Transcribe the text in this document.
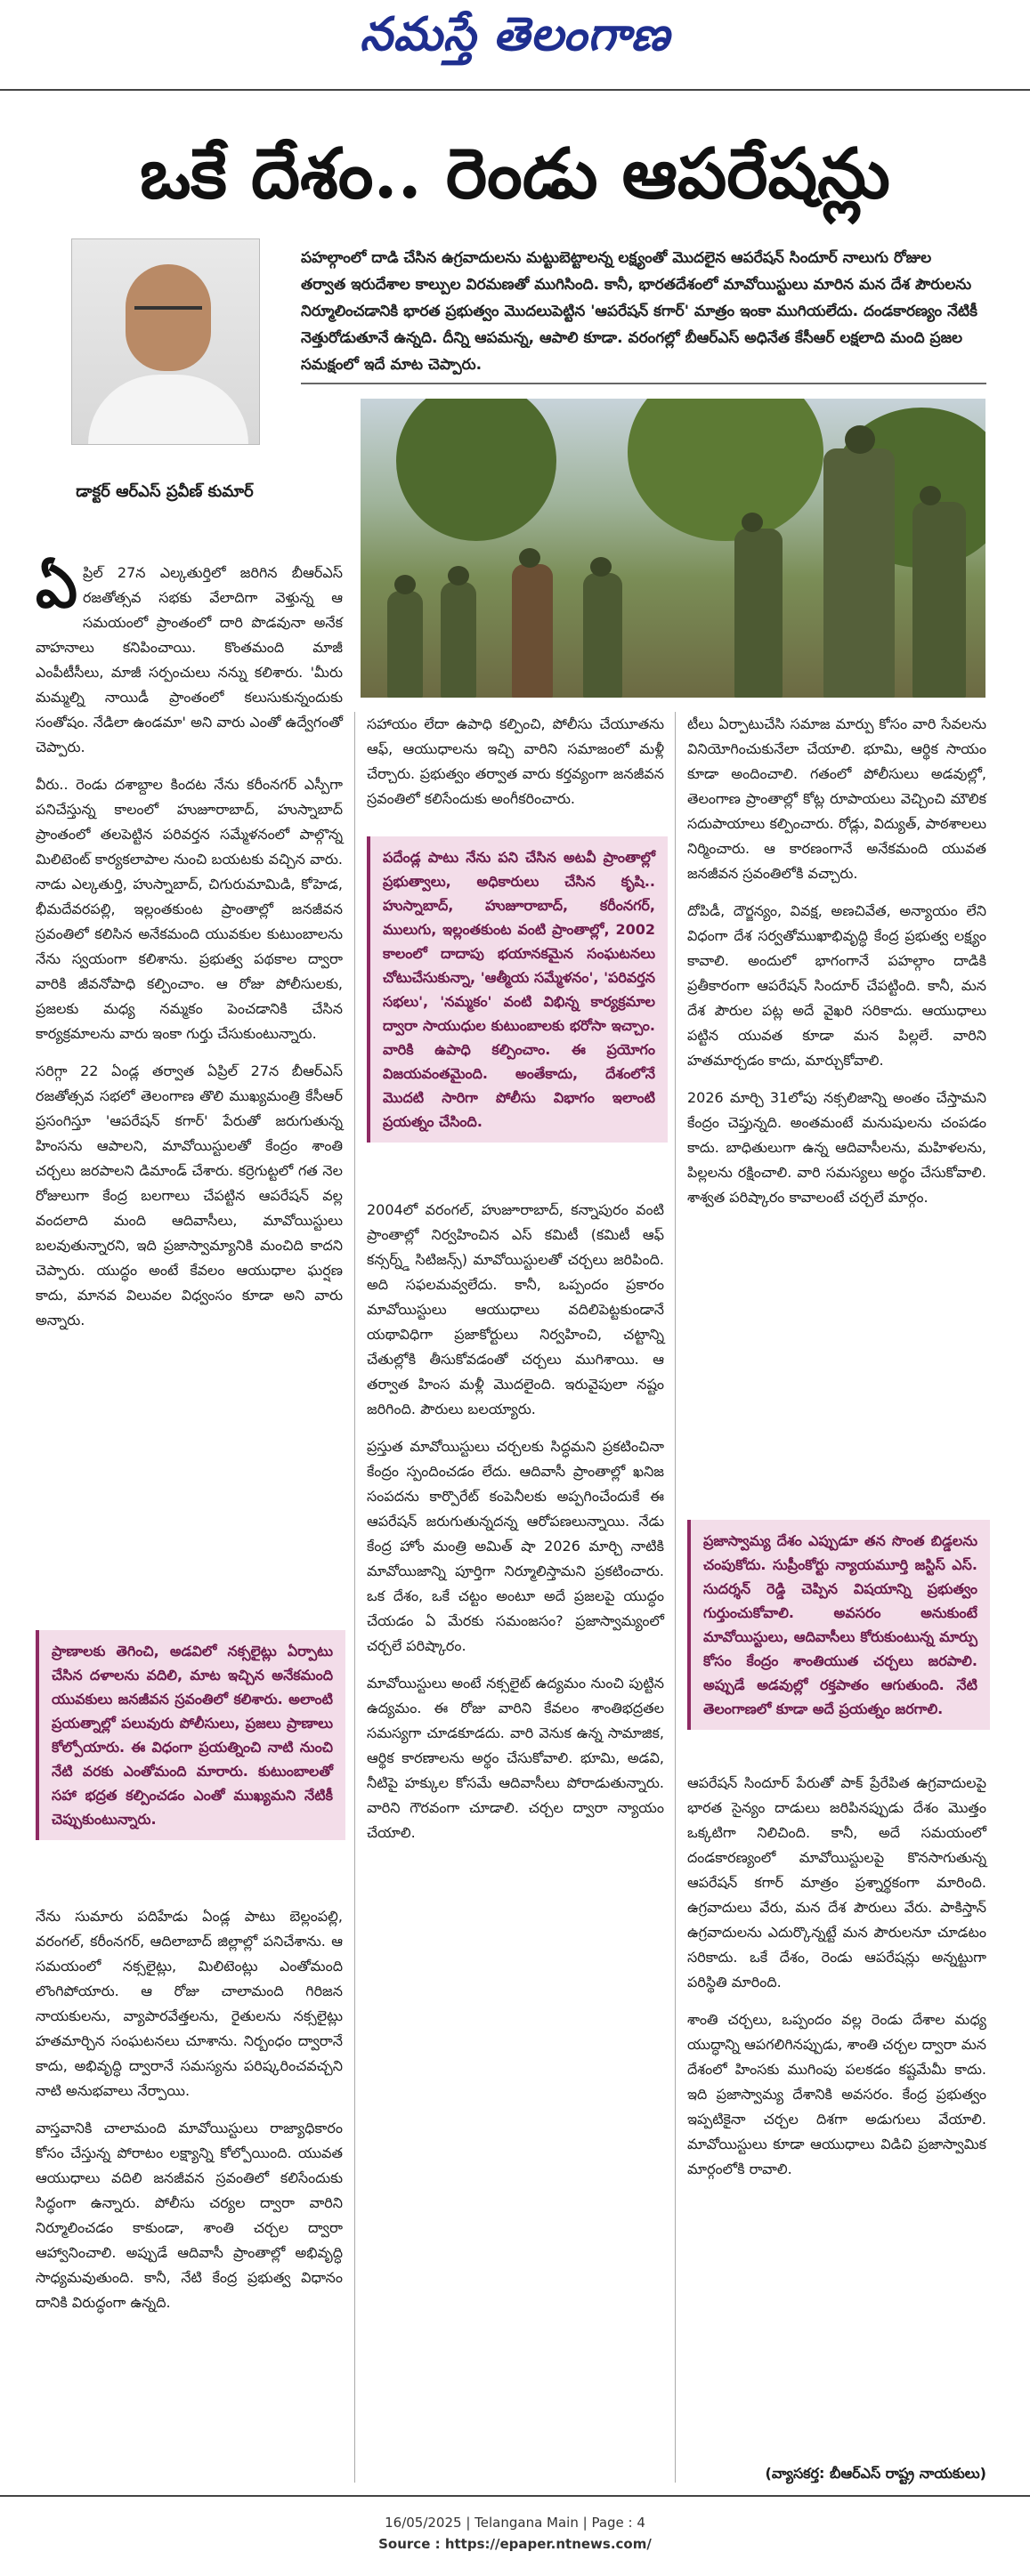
నమస్తే తెలంగాణ
ఒకే దేశం.. రెండు ఆపరేషన్లు
డాక్టర్ ఆర్ఎస్ ప్రవీణ్ కుమార్
పహల్గాంలో దాడి చేసిన ఉగ్రవాదులను మట్టుబెట్టాలన్న లక్ష్యంతో మొదలైన ఆపరేషన్ సిందూర్ నాలుగు రోజుల తర్వాత ఇరుదేశాల కాల్పుల విరమణతో ముగిసింది. కానీ, భారతదేశంలో మావోయిస్టులు మారిన మన దేశ పౌరులను నిర్మూలించడానికి భారత ప్రభుత్వం మొదలుపెట్టిన 'ఆపరేషన్ కగార్' మాత్రం ఇంకా ముగియలేదు. దండకారణ్యం నేటికీ నెత్తురోడుతూనే ఉన్నది. దీన్ని ఆపమన్న, ఆపాలి కూడా. వరంగల్లో బీఆర్ఎస్ అధినేత కేసీఆర్ లక్షలాది మంది ప్రజల సమక్షంలో ఇదే మాట చెప్పారు.

ఏప్రిల్ 27న ఎల్కతుర్తిలో జరిగిన బీఆర్ఎస్ రజతోత్సవ సభకు వేలాదిగా వెళ్తున్న ఆ సమయంలో ప్రాంతంలో దారి పొడవునా అనేక వాహనాలు కనిపించాయి. కొంతమంది మాజీ ఎంపీటీసీలు, మాజీ సర్పంచులు నన్ను కలిశారు. 'మీరు మమ్మల్ని నాయిడీ ప్రాంతంలో కలుసుకున్నందుకు సంతోషం. నేడిలా ఉండమా' అని వారు ఎంతో ఉద్వేగంతో చెప్పారు.

వీరు.. రెండు దశాబ్దాల కిందట నేను కరీంనగర్ ఎస్పీగా పనిచేస్తున్న కాలంలో హుజూరాబాద్, హుస్నాబాద్ ప్రాంతంలో తలపెట్టిన పరివర్తన సమ్మేళనంలో పాల్గొన్న మిలిటెంట్ కార్యకలాపాల నుంచి బయటకు వచ్చిన వారు. నాడు ఎల్కతుర్తి, హుస్నాబాద్, చిగురుమామిడి, కోహెడ, భీమదేవరపల్లి, ఇల్లంతకుంట ప్రాంతాల్లో జనజీవన స్రవంతిలో కలిసిన అనేకమంది యువకుల కుటుంబాలను నేను స్వయంగా కలిశాను. ప్రభుత్వ పథకాల ద్వారా వారికి జీవనోపాధి కల్పించాం. ఆ రోజు పోలీసులకు, ప్రజలకు మధ్య నమ్మకం పెంచడానికి చేసిన కార్యక్రమాలను వారు ఇంకా గుర్తు చేసుకుంటున్నారు.

సరిగ్గా 22 ఏండ్ల తర్వాత ఏప్రిల్ 27న బీఆర్ఎస్ రజతోత్సవ సభలో తెలంగాణ తొలి ముఖ్యమంత్రి కేసీఆర్ ప్రసంగిస్తూ 'ఆపరేషన్ కగార్' పేరుతో జరుగుతున్న హింసను ఆపాలని, మావోయిస్టులతో కేంద్రం శాంతి చర్చలు జరపాలని డిమాండ్ చేశారు. కర్రెగుట్టలో గత నెల రోజులుగా కేంద్ర బలగాలు చేపట్టిన ఆపరేషన్ వల్ల వందలాది మంది ఆదివాసీలు, మావోయిస్టులు బలవుతున్నారని, ఇది ప్రజాస్వామ్యానికి మంచిది కాదని చెప్పారు. యుద్ధం అంటే కేవలం ఆయుధాల ఘర్షణ కాదు, మానవ విలువల విధ్వంసం కూడా అని వారు అన్నారు.

ప్రాణాలకు తెగించి, అడవిలో నక్సలైట్లు ఏర్పాటు చేసిన దళాలను వదిలి, మాట ఇచ్చిన అనేకమంది యువకులు జనజీవన స్రవంతిలో కలిశారు. అలాంటి ప్రయత్నాల్లో పలువురు పోలీసులు, ప్రజలు ప్రాణాలు కోల్పోయారు. ఈ విధంగా ప్రయత్నించి నాటి నుంచి నేటి వరకు ఎంతోమంది మారారు. కుటుంబాలతో సహా భద్రత కల్పించడం ఎంతో ముఖ్యమని నేటికీ చెప్పుకుంటున్నారు.

నేను సుమారు పదిహేడు ఏండ్ల పాటు బెల్లంపల్లి, వరంగల్, కరీంనగర్, ఆదిలాబాద్ జిల్లాల్లో పనిచేశాను. ఆ సమయంలో నక్సలైట్లు, మిలిటెంట్లు ఎంతోమంది లొంగిపోయారు. ఆ రోజు చాలామంది గిరిజన నాయకులను, వ్యాపారవేత్తలను, రైతులను నక్సలైట్లు హతమార్చిన సంఘటనలు చూశాను. నిర్బంధం ద్వారానే కాదు, అభివృద్ధి ద్వారానే సమస్యను పరిష్కరించవచ్చని నాటి అనుభవాలు నేర్పాయి.

వాస్తవానికి చాలామంది మావోయిస్టులు రాజ్యాధికారం కోసం చేస్తున్న పోరాటం లక్ష్యాన్ని కోల్పోయింది. యువత ఆయుధాలు వదిలి జనజీవన స్రవంతిలో కలిసేందుకు సిద్ధంగా ఉన్నారు. పోలీసు చర్యల ద్వారా వారిని నిర్మూలించడం కాకుండా, శాంతి చర్చల ద్వారా ఆహ్వానించాలి. అప్పుడే ఆదివాసీ ప్రాంతాల్లో అభివృద్ధి సాధ్యమవుతుంది. కానీ, నేటి కేంద్ర ప్రభుత్వ విధానం దానికి విరుద్ధంగా ఉన్నది.

సహాయం లేదా ఉపాధి కల్పించి, పోలీసు చేయూతను ఆఫ్, ఆయుధాలను ఇచ్చి వారిని సమాజంలో మళ్లీ చేర్చారు. ప్రభుత్వం తర్వాత వారు కర్తవ్యంగా జనజీవన స్రవంతిలో కలిసేందుకు అంగీకరించారు.

పదేండ్ల పాటు నేను పని చేసిన అటవీ ప్రాంతాల్లో ప్రభుత్వాలు, అధికారులు చేసిన కృషి.. హుస్నాబాద్, హుజూరాబాద్, కరీంనగర్, ములుగు, ఇల్లంతకుంట వంటి ప్రాంతాల్లో, 2002 కాలంలో దాదాపు భయానకమైన సంఘటనలు చోటుచేసుకున్నా, 'ఆత్మీయ సమ్మేళనం', 'పరివర్తన సభలు', 'నమ్మకం' వంటి విభిన్న కార్యక్రమాల ద్వారా సాయుధుల కుటుంబాలకు భరోసా ఇచ్చాం. వారికి ఉపాధి కల్పించాం. ఈ ప్రయోగం విజయవంతమైంది. అంతేకాదు, దేశంలోనే మొదటి సారిగా పోలీసు విభాగం ఇలాంటి ప్రయత్నం చేసింది.

2004లో వరంగల్, హుజూరాబాద్, కన్నాపురం వంటి ప్రాంతాల్లో నిర్వహించిన ఎస్ కమిటీ (కమిటీ ఆఫ్ కన్సర్న్డ్ సిటిజన్స్) మావోయిస్టులతో చర్చలు జరిపింది. అది సఫలమవ్వలేదు. కానీ, ఒప్పందం ప్రకారం మావోయిస్టులు ఆయుధాలు వదిలిపెట్టకుండానే యథావిధిగా ప్రజాకోర్టులు నిర్వహించి, చట్టాన్ని చేతుల్లోకి తీసుకోవడంతో చర్చలు ముగిశాయి. ఆ తర్వాత హింస మళ్లీ మొదలైంది. ఇరువైపులా నష్టం జరిగింది. పౌరులు బలయ్యారు.

ప్రస్తుత మావోయిస్టులు చర్చలకు సిద్ధమని ప్రకటించినా కేంద్రం స్పందించడం లేదు. ఆదివాసీ ప్రాంతాల్లో ఖనిజ సంపదను కార్పొరేట్ కంపెనీలకు అప్పగించేందుకే ఈ ఆపరేషన్ జరుగుతున్నదన్న ఆరోపణలున్నాయి. నేడు కేంద్ర హోం మంత్రి అమిత్ షా 2026 మార్చి నాటికి మావోయిజాన్ని పూర్తిగా నిర్మూలిస్తామని ప్రకటించారు. ఒక దేశం, ఒకే చట్టం అంటూ అదే ప్రజలపై యుద్ధం చేయడం ఏ మేరకు సమంజసం? ప్రజాస్వామ్యంలో చర్చలే పరిష్కారం.

మావోయిస్టులు అంటే నక్సలైట్ ఉద్యమం నుంచి పుట్టిన ఉద్యమం. ఈ రోజు వారిని కేవలం శాంతిభద్రతల సమస్యగా చూడకూడదు. వారి వెనుక ఉన్న సామాజిక, ఆర్థిక కారణాలను అర్థం చేసుకోవాలి. భూమి, అడవి, నీటిపై హక్కుల కోసమే ఆదివాసీలు పోరాడుతున్నారు. వారిని గౌరవంగా చూడాలి. చర్చల ద్వారా న్యాయం చేయాలి.

టీలు ఏర్పాటుచేసి సమాజ మార్పు కోసం వారి సేవలను వినియోగించుకునేలా చేయాలి. భూమి, ఆర్థిక సాయం కూడా అందించాలి. గతంలో పోలీసులు అడవుల్లో, తెలంగాణ ప్రాంతాల్లో కోట్ల రూపాయలు వెచ్చించి మౌలిక సదుపాయాలు కల్పించారు. రోడ్లు, విద్యుత్, పాఠశాలలు నిర్మించారు. ఆ కారణంగానే అనేకమంది యువత జనజీవన స్రవంతిలోకి వచ్చారు.

దోపిడీ, దౌర్జన్యం, వివక్ష, అణచివేత, అన్యాయం లేని విధంగా దేశ సర్వతోముఖాభివృద్ధి కేంద్ర ప్రభుత్వ లక్ష్యం కావాలి. అందులో భాగంగానే పహల్గాం దాడికి ప్రతీకారంగా ఆపరేషన్ సిందూర్ చేపట్టింది. కానీ, మన దేశ పౌరుల పట్ల అదే వైఖరి సరికాదు. ఆయుధాలు పట్టిన యువత కూడా మన పిల్లలే. వారిని హతమార్చడం కాదు, మార్చుకోవాలి.

2026 మార్చి 31లోపు నక్సలిజాన్ని అంతం చేస్తామని కేంద్రం చెప్తున్నది. అంతమంటే మనుషులను చంపడం కాదు. బాధితులుగా ఉన్న ఆదివాసీలను, మహిళలను, పిల్లలను రక్షించాలి. వారి సమస్యలు అర్థం చేసుకోవాలి. శాశ్వత పరిష్కారం కావాలంటే చర్చలే మార్గం.

ప్రజాస్వామ్య దేశం ఎప్పుడూ తన సొంత బిడ్డలను చంపుకోదు. సుప్రీంకోర్టు న్యాయమూర్తి జస్టిస్ ఎస్. సుదర్శన్ రెడ్డి చెప్పిన విషయాన్ని ప్రభుత్వం గుర్తుంచుకోవాలి. అవసరం అనుకుంటే మావోయిస్టులు, ఆదివాసీలు కోరుకుంటున్న మార్పు కోసం కేంద్రం శాంతియుత చర్చలు జరపాలి. అప్పుడే అడవుల్లో రక్తపాతం ఆగుతుంది. నేటి తెలంగాణలో కూడా అదే ప్రయత్నం జరగాలి.

ఆపరేషన్ సిందూర్ పేరుతో పాక్ ప్రేరేపిత ఉగ్రవాదులపై భారత సైన్యం దాడులు జరిపినప్పుడు దేశం మొత్తం ఒక్కటిగా నిలిచింది. కానీ, అదే సమయంలో దండకారణ్యంలో మావోయిస్టులపై కొనసాగుతున్న ఆపరేషన్ కగార్ మాత్రం ప్రశ్నార్థకంగా మారింది. ఉగ్రవాదులు వేరు, మన దేశ పౌరులు వేరు. పాకిస్తాన్ ఉగ్రవాదులను ఎదుర్కొన్నట్టే మన పౌరులనూ చూడటం సరికాదు. ఒకే దేశం, రెండు ఆపరేషన్లు అన్నట్టుగా పరిస్థితి మారింది.

శాంతి చర్చలు, ఒప్పందం వల్ల రెండు దేశాల మధ్య యుద్ధాన్ని ఆపగలిగినప్పుడు, శాంతి చర్చల ద్వారా మన దేశంలో హింసకు ముగింపు పలకడం కష్టమేమీ కాదు. ఇది ప్రజాస్వామ్య దేశానికి అవసరం. కేంద్ర ప్రభుత్వం ఇప్పటికైనా చర్చల దిశగా అడుగులు వేయాలి. మావోయిస్టులు కూడా ఆయుధాలు విడిచి ప్రజాస్వామిక మార్గంలోకి రావాలి.

(వ్యాసకర్త: బీఆర్ఎస్ రాష్ట్ర నాయకులు)
16/05/2025 | Telangana Main | Page : 4
Source : https://epaper.ntnews.com/
